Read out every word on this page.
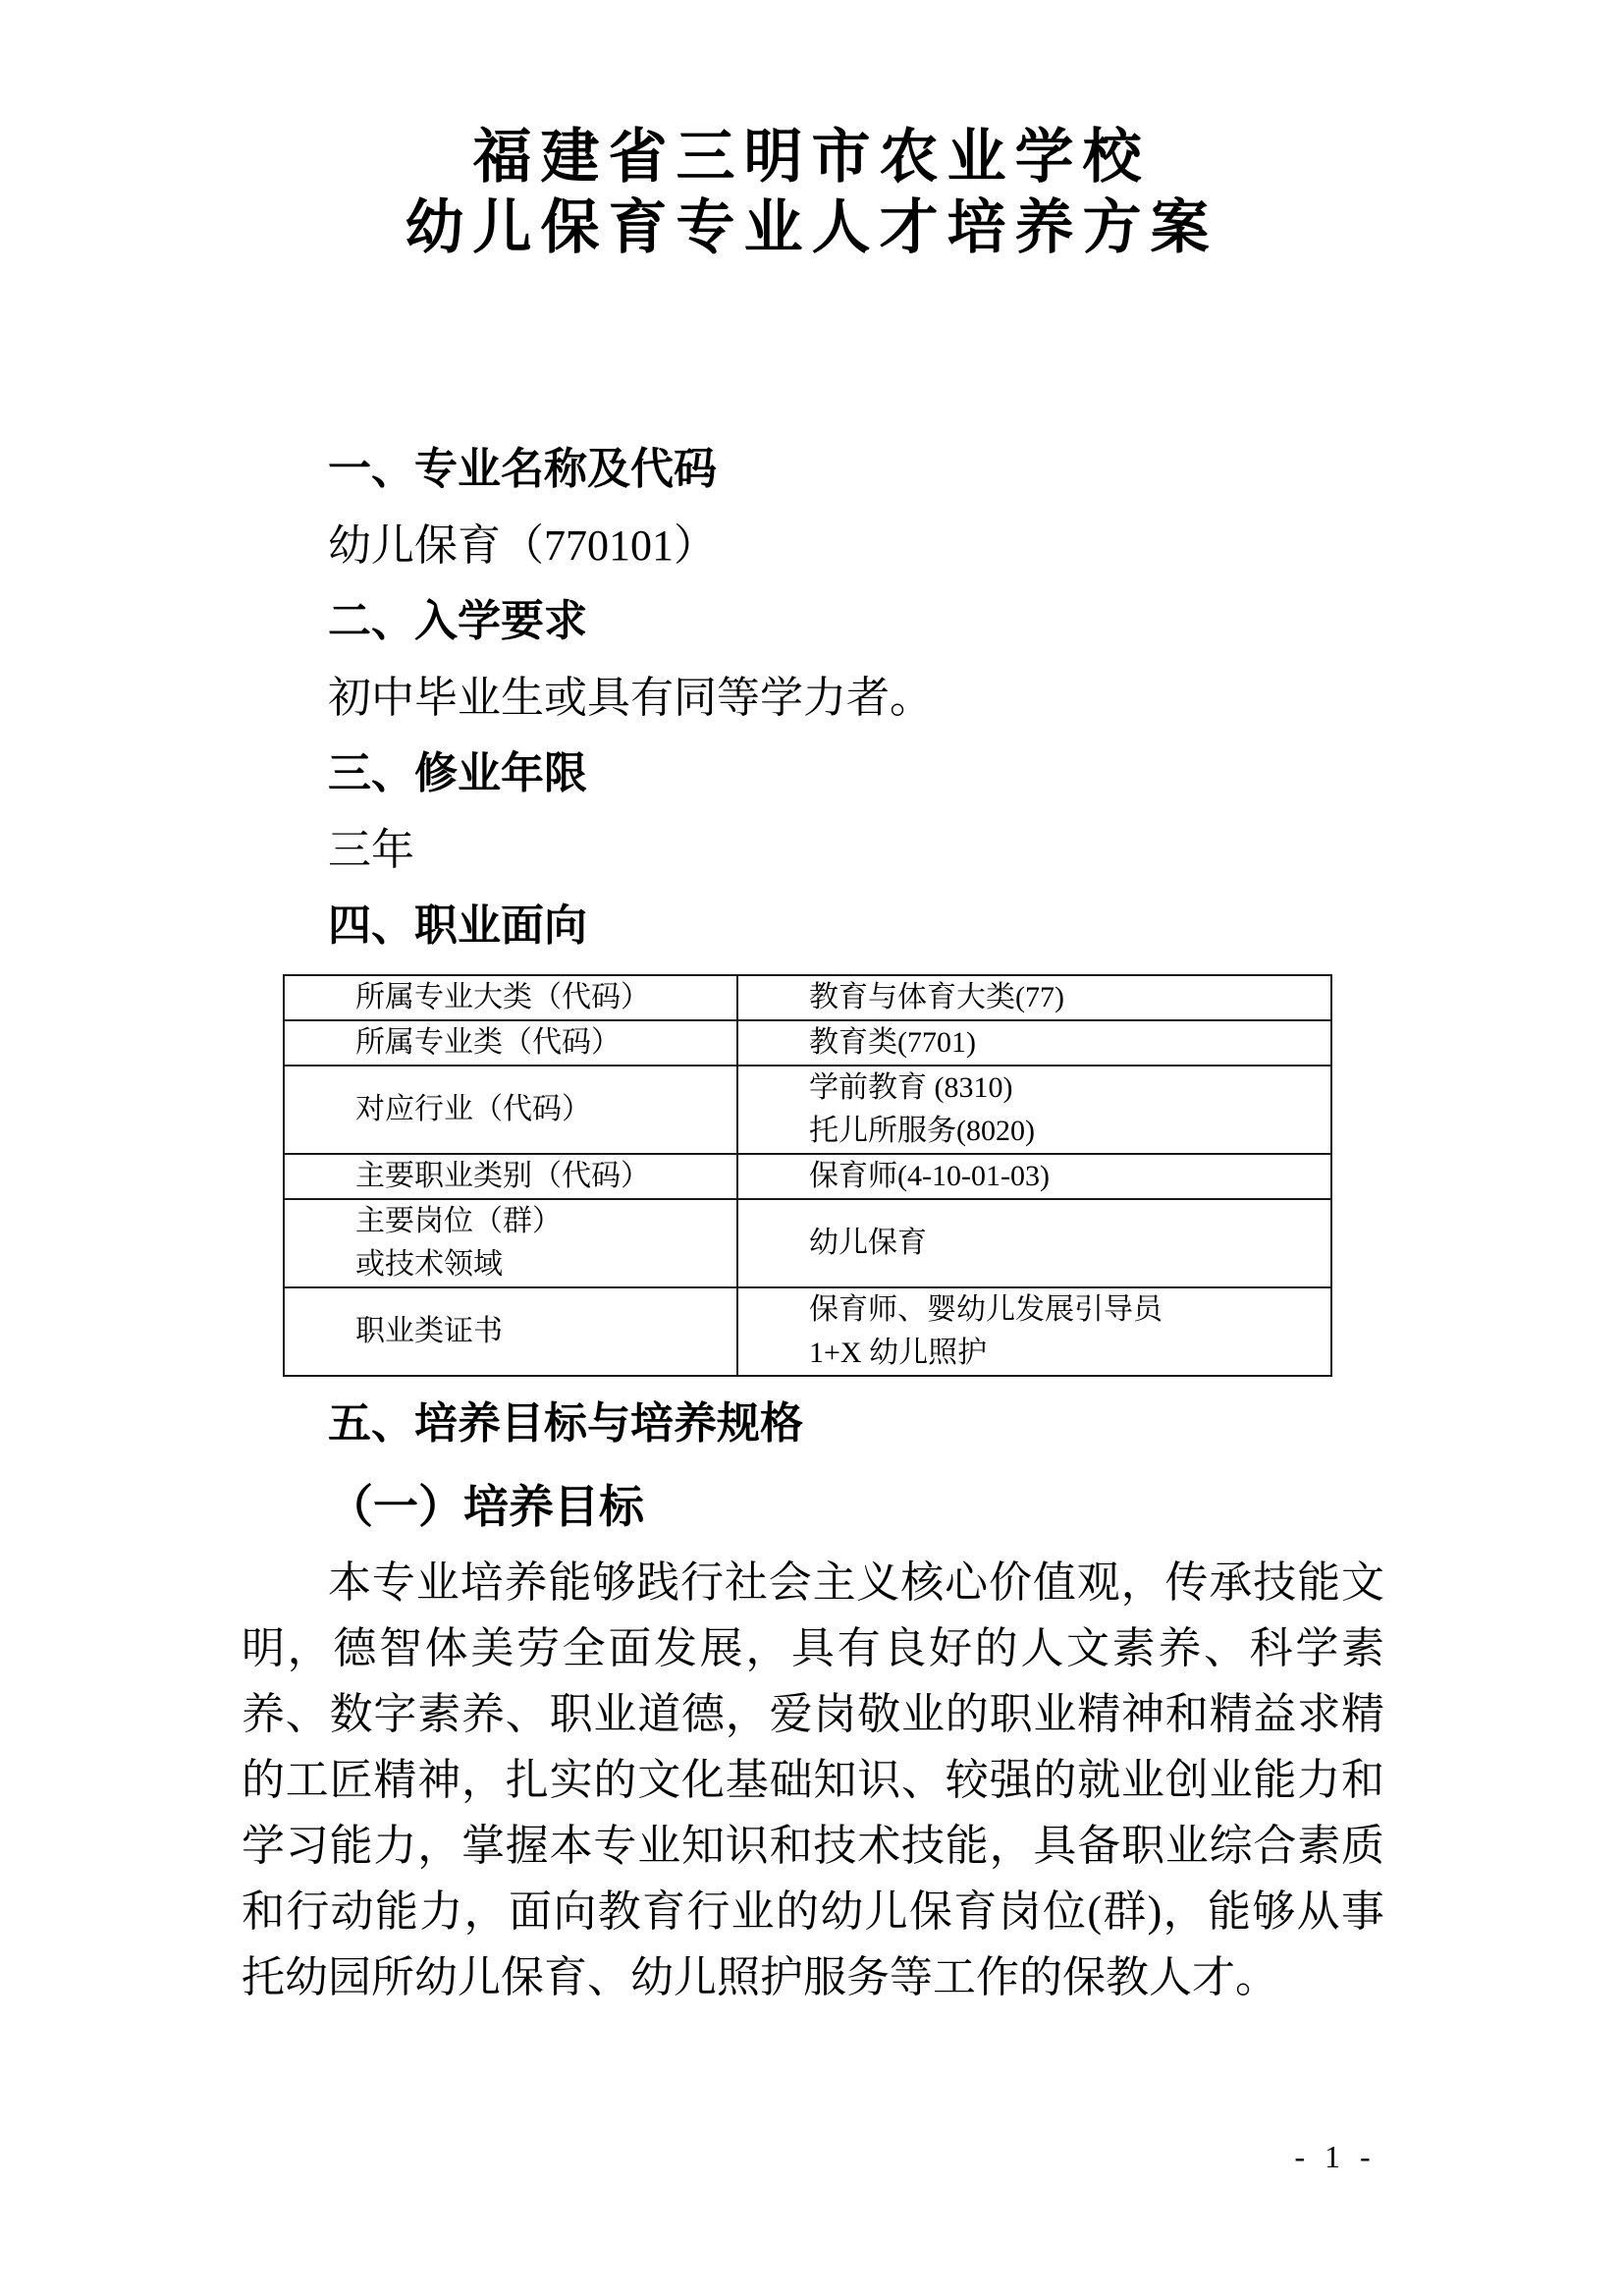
福建省三明市农业学校
幼儿保育专业人才培养方案
一、专业名称及代码
幼儿保育（770101）
二、入学要求
初中毕业生或具有同等学力者。
三、修业年限
三年
四、职业面向
所属专业大类（代码）	教育与体育大类(77)

所属专业类（代码）	教育类(7701)

对应行业（代码）	学前教育 (8310)
托儿所服务(8020)

主要职业类别（代码）	保育师(4-10-01-03)

主要岗位（群）
或技术领域	幼儿保育

职业类证书	保育师、婴幼儿发展引导员
1+X 幼儿照护
五、培养目标与培养规格
（一）培养目标

本专业培养能够践行社会主义核心价值观，传承技能文明，德智体美劳全面发展，具有良好的人文素养、科学素养、数字素养、职业道德，爱岗敬业的职业精神和精益求精的工匠精神，扎实的文化基础知识、较强的就业创业能力和学习能力，掌握本专业知识和技术技能，具备职业综合素质和行动能力，面向教育行业的幼儿保育岗位(群)，能够从事托幼园所幼儿保育、幼儿照护服务等工作的保教人才。

- 1 -
